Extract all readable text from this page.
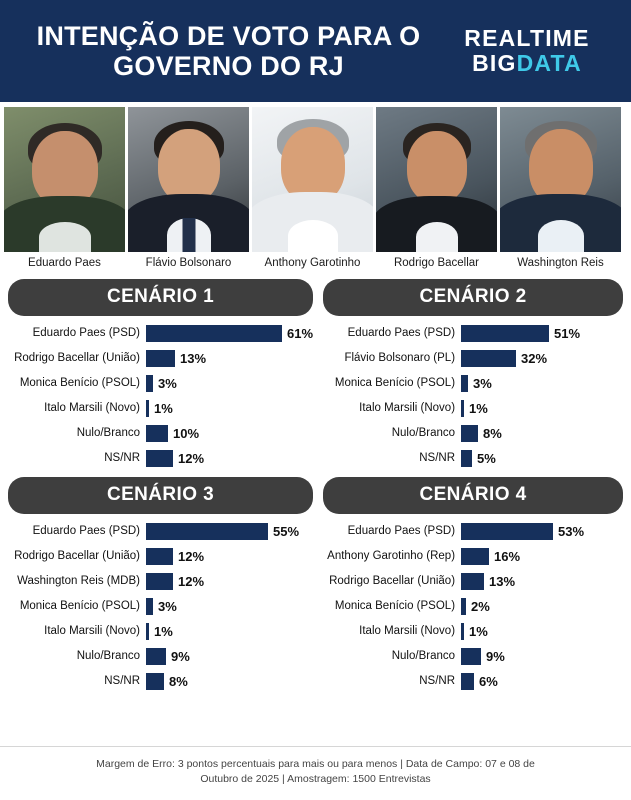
INTENÇÃO DE VOTO PARA O GOVERNO DO RJ
REALTIME
BIGDATA
Eduardo Paes	Flávio Bolsonaro	Anthony Garotinho	Rodrigo Bacellar	Washington Reis
CENÁRIO 1
Eduardo Paes (PSD)	61%
Rodrigo Bacellar (União)	13%
Monica Benício (PSOL)	3%
Italo Marsili (Novo)	1%
Nulo/Branco	10%
NS/NR	12%
CENÁRIO 2
Eduardo Paes (PSD)	51%
Flávio Bolsonaro (PL)	32%
Monica Benício (PSOL)	3%
Italo Marsili (Novo)	1%
Nulo/Branco	8%
NS/NR	5%
CENÁRIO 3
Eduardo Paes (PSD)	55%
Rodrigo Bacellar (União)	12%
Washington Reis (MDB)	12%
Monica Benício (PSOL)	3%
Italo Marsili (Novo)	1%
Nulo/Branco	9%
NS/NR	8%
CENÁRIO 4
Eduardo Paes (PSD)	53%
Anthony Garotinho (Rep)	16%
Rodrigo Bacellar (União)	13%
Monica Benício (PSOL)	2%
Ítalo Marsili (Novo)	1%
Nulo/Branco	9%
NS/NR	6%
Margem de Erro: 3 pontos percentuais para mais ou para menos | Data de Campo: 07 e 08 de
Outubro de 2025 | Amostragem: 1500 Entrevistas
